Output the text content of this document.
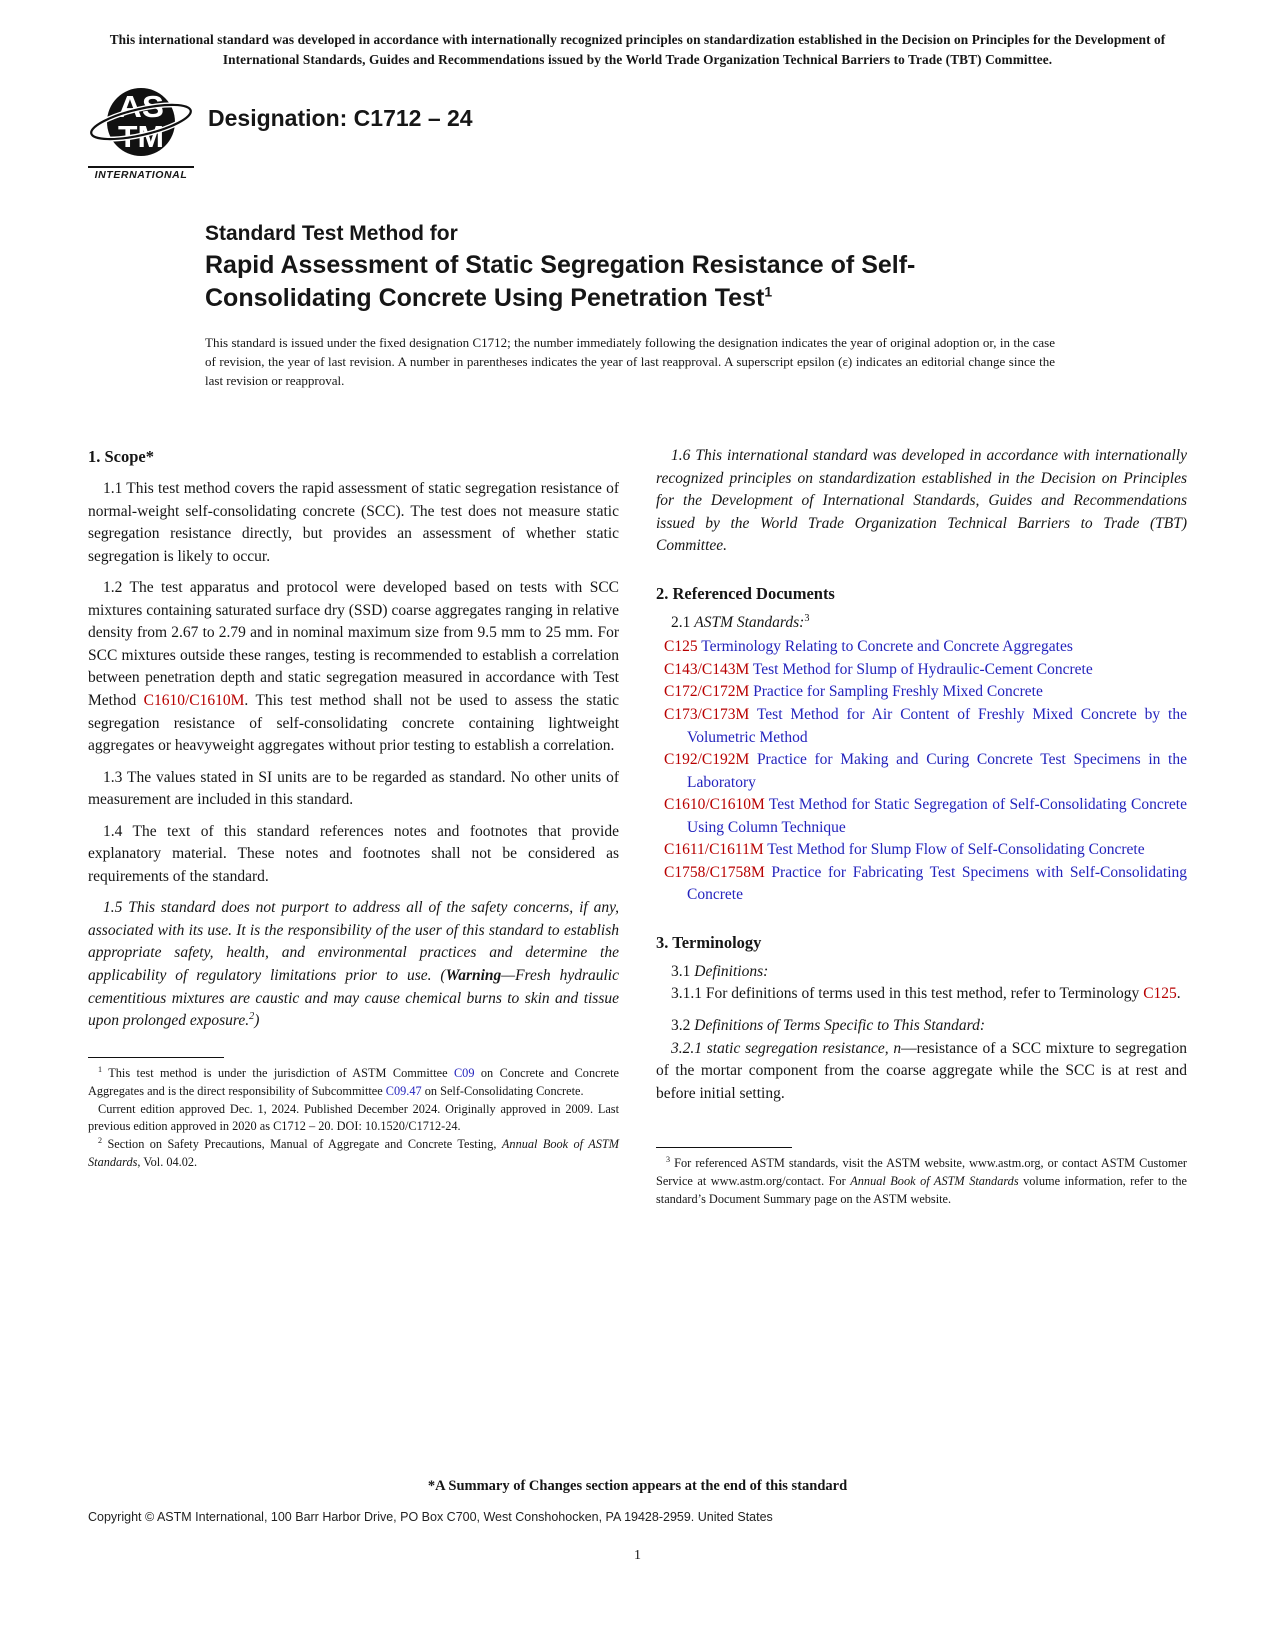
This international standard was developed in accordance with internationally recognized principles on standardization established in the Decision on Principles for the Development of International Standards, Guides and Recommendations issued by the World Trade Organization Technical Barriers to Trade (TBT) Committee.
AS
TM
INTERNATIONAL
Designation: C1712 – 24
Standard Test Method for
Rapid Assessment of Static Segregation Resistance of Self-Consolidating Concrete Using Penetration Test$^1$
This standard is issued under the fixed designation C1712; the number immediately following the designation indicates the year of original adoption or, in the case of revision, the year of last revision. A number in parentheses indicates the year of last reapproval. A superscript epsilon (ε) indicates an editorial change since the last revision or reapproval.
1. Scope*

1.1 This test method covers the rapid assessment of static segregation resistance of normal-weight self-consolidating concrete (SCC). The test does not measure static segregation resistance directly, but provides an assessment of whether static segregation is likely to occur.

1.2 The test apparatus and protocol were developed based on tests with SCC mixtures containing saturated surface dry (SSD) coarse aggregates ranging in relative density from 2.67 to 2.79 and in nominal maximum size from 9.5 mm to 25 mm. For SCC mixtures outside these ranges, testing is recommended to establish a correlation between penetration depth and static segregation measured in accordance with Test Method C1610/C1610M. This test method shall not be used to assess the static segregation resistance of self-consolidating concrete containing lightweight aggregates or heavyweight aggregates without prior testing to establish a correlation.

1.3 The values stated in SI units are to be regarded as standard. No other units of measurement are included in this standard.

1.4 The text of this standard references notes and footnotes that provide explanatory material. These notes and footnotes shall not be considered as requirements of the standard.

1.5 This standard does not purport to address all of the safety concerns, if any, associated with its use. It is the responsibility of the user of this standard to establish appropriate safety, health, and environmental practices and determine the applicability of regulatory limitations prior to use. (Warning—Fresh hydraulic cementitious mixtures are caustic and may cause chemical burns to skin and tissue upon prolonged exposure.$^2$)

$^1$ This test method is under the jurisdiction of ASTM Committee C09 on Concrete and Concrete Aggregates and is the direct responsibility of Subcommittee C09.47 on Self-Consolidating Concrete.

Current edition approved Dec. 1, 2024. Published December 2024. Originally approved in 2009. Last previous edition approved in 2020 as C1712 – 20. DOI: 10.1520/C1712-24.

$^2$ Section on Safety Precautions, Manual of Aggregate and Concrete Testing, Annual Book of ASTM Standards, Vol. 04.02.

1.6 This international standard was developed in accordance with internationally recognized principles on standardization established in the Decision on Principles for the Development of International Standards, Guides and Recommendations issued by the World Trade Organization Technical Barriers to Trade (TBT) Committee.

2. Referenced Documents

2.1 ASTM Standards:$^3$

C125 Terminology Relating to Concrete and Concrete Aggregates
C143/C143M Test Method for Slump of Hydraulic-Cement Concrete
C172/C172M Practice for Sampling Freshly Mixed Concrete
C173/C173M Test Method for Air Content of Freshly Mixed Concrete by the Volumetric Method
C192/C192M Practice for Making and Curing Concrete Test Specimens in the Laboratory
C1610/C1610M Test Method for Static Segregation of Self-Consolidating Concrete Using Column Technique
C1611/C1611M Test Method for Slump Flow of Self-Consolidating Concrete
C1758/C1758M Practice for Fabricating Test Specimens with Self-Consolidating Concrete
3. Terminology

3.1 Definitions:

3.1.1 For definitions of terms used in this test method, refer to Terminology C125.

3.2 Definitions of Terms Specific to This Standard:

3.2.1 static segregation resistance, n—resistance of a SCC mixture to segregation of the mortar component from the coarse aggregate while the SCC is at rest and before initial setting.

$^3$ For referenced ASTM standards, visit the ASTM website, www.astm.org, or contact ASTM Customer Service at www.astm.org/contact. For Annual Book of ASTM Standards volume information, refer to the standard’s Document Summary page on the ASTM website.

*A Summary of Changes section appears at the end of this standard
Copyright © ASTM International, 100 Barr Harbor Drive, PO Box C700, West Conshohocken, PA 19428-2959. United States
1
